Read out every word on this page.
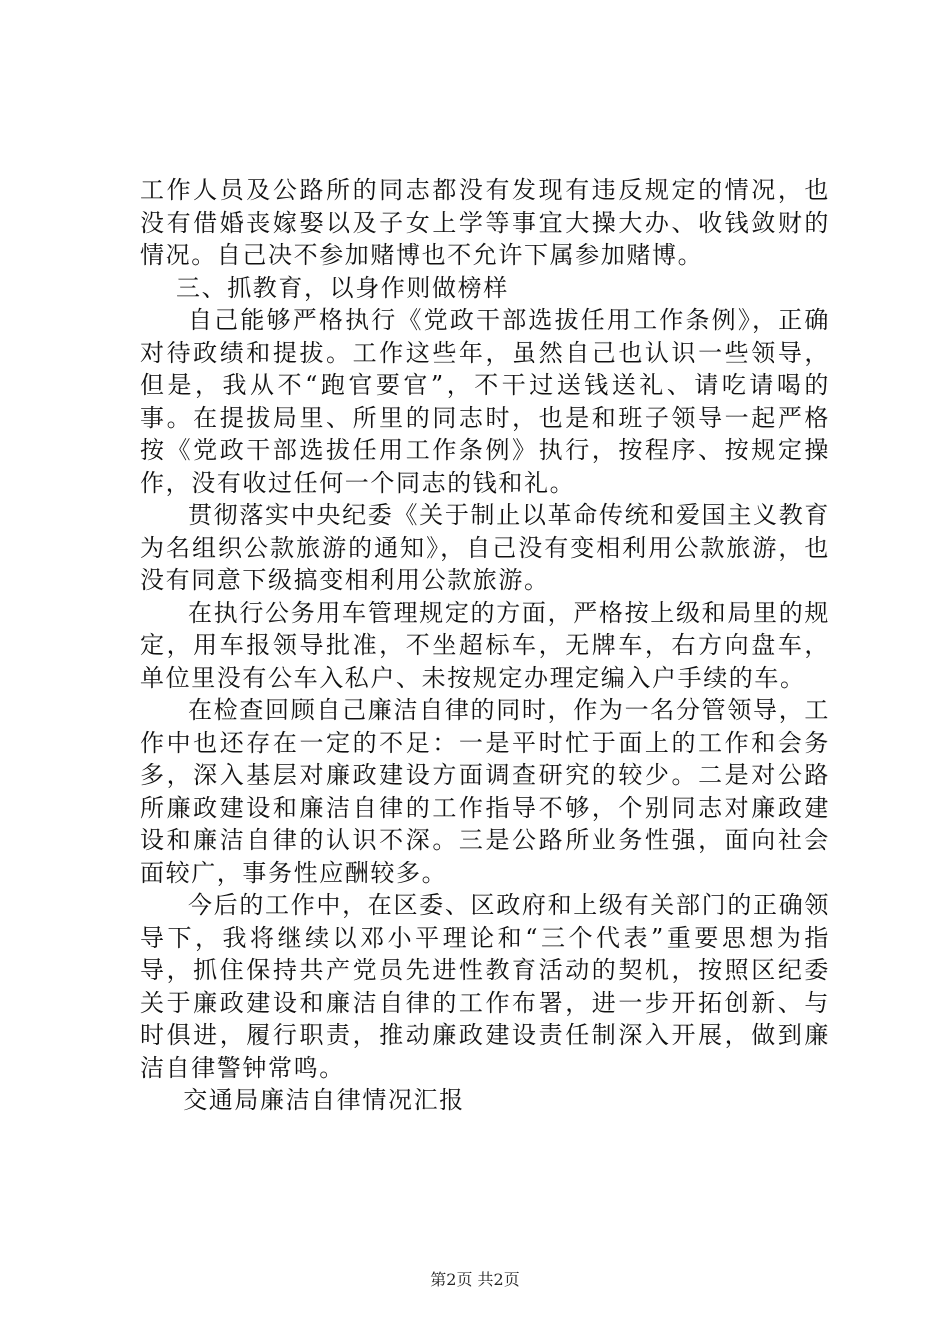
工作人员及公路所的同志都没有发现有违反规定的情况，也没有借婚丧嫁娶以及子女上学等事宜大操大办、收钱敛财的情况。自己决不参加赌博也不允许下属参加赌博。

三、抓教育，以身作则做榜样

自己能够严格执行《党政干部选拔任用工作条例》，正确对待政绩和提拔。工作这些年，虽然自己也认识一些领导，但是，我从不“跑官要官”，不干过送钱送礼、请吃请喝的事。在提拔局里、所里的同志时，也是和班子领导一起严格按《党政干部选拔任用工作条例》执行，按程序、按规定操作，没有收过任何一个同志的钱和礼。

贯彻落实中央纪委《关于制止以革命传统和爱国主义教育为名组织公款旅游的通知》，自己没有变相利用公款旅游，也没有同意下级搞变相利用公款旅游。

在执行公务用车管理规定的方面，严格按上级和局里的规定，用车报领导批准，不坐超标车，无牌车，右方向盘车，单位里没有公车入私户、未按规定办理定编入户手续的车。

在检查回顾自己廉洁自律的同时，作为一名分管领导，工作中也还存在一定的不足：一是平时忙于面上的工作和会务多，深入基层对廉政建设方面调查研究的较少。二是对公路所廉政建设和廉洁自律的工作指导不够，个别同志对廉政建设和廉洁自律的认识不深。三是公路所业务性强，面向社会面较广，事务性应酬较多。

今后的工作中，在区委、区政府和上级有关部门的正确领导下，我将继续以邓小平理论和“三个代表”重要思想为指导，抓住保持共产党员先进性教育活动的契机，按照区纪委关于廉政建设和廉洁自律的工作布署，进一步开拓创新、与时俱进，履行职责，推动廉政建设责任制深入开展，做到廉洁自律警钟常鸣。

交通局廉洁自律情况汇报

第2页 共2页
